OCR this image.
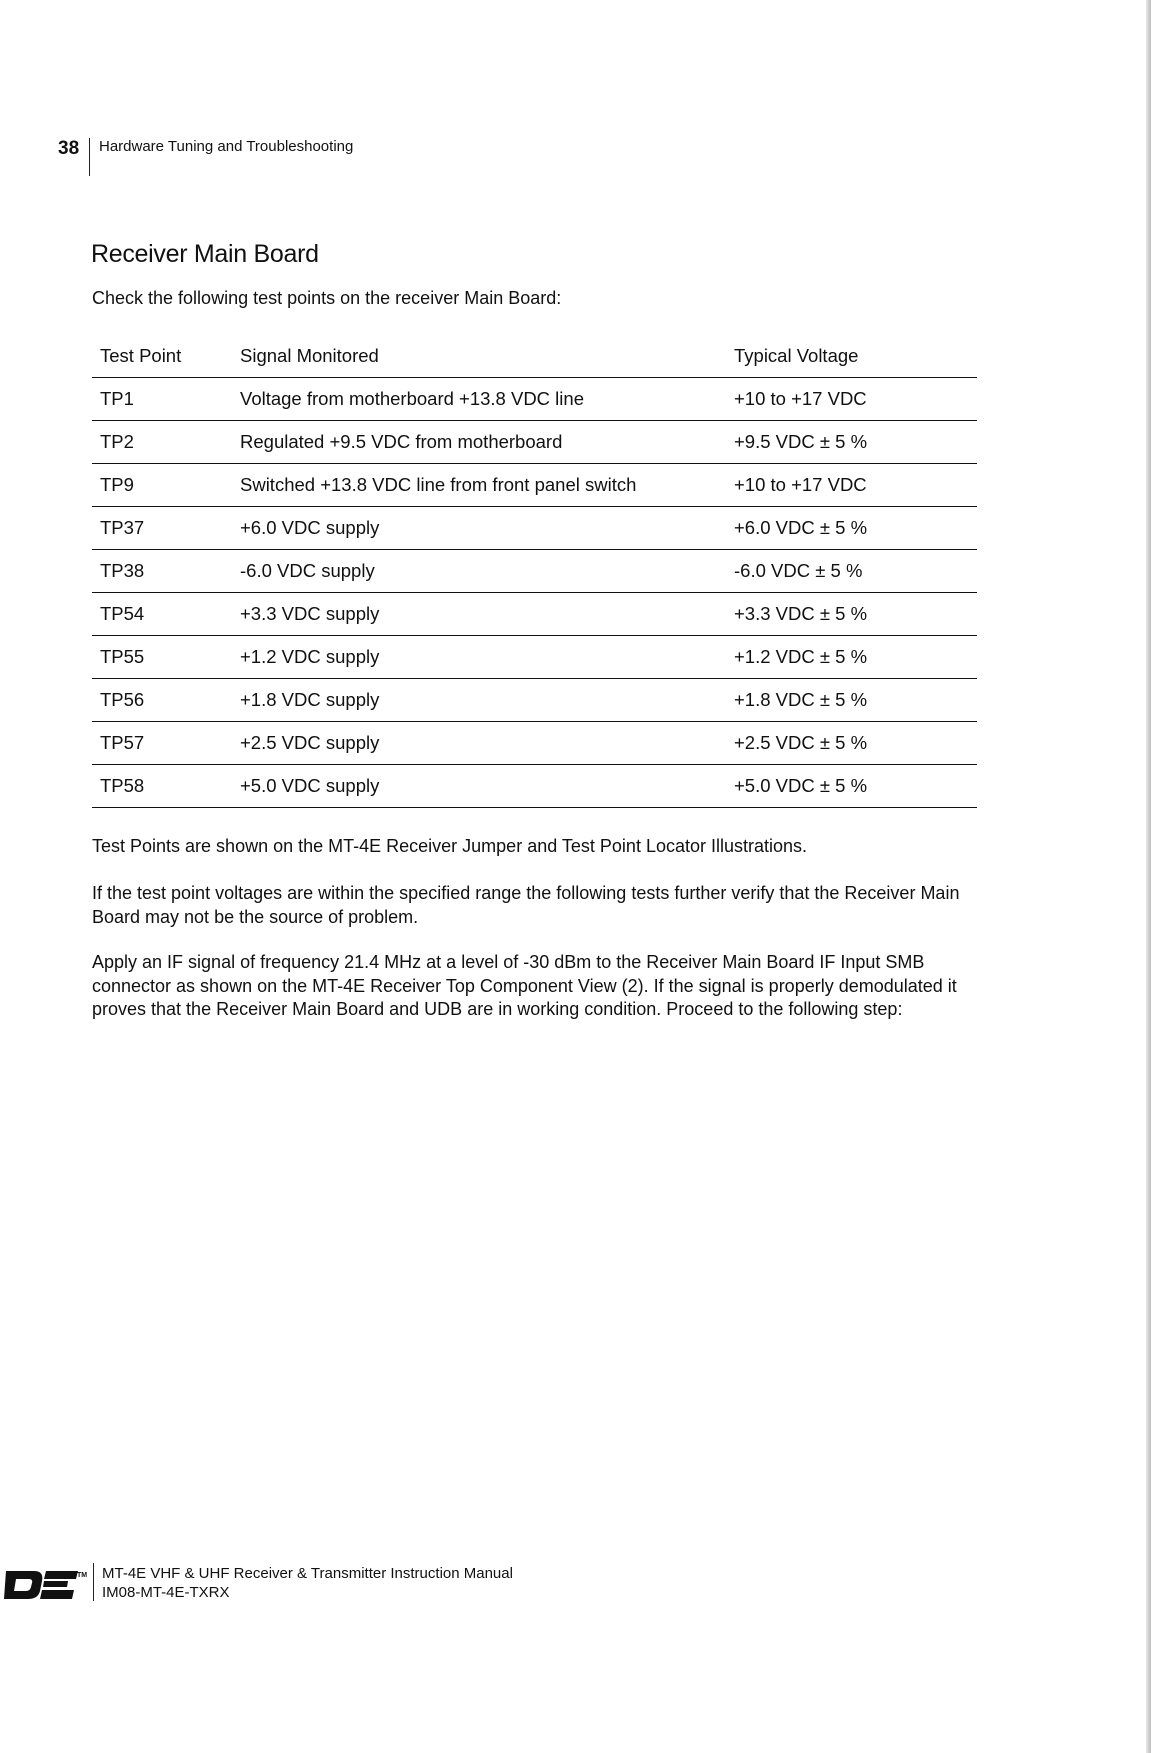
38 Hardware Tuning and Troubleshooting
Receiver Main Board
Check the following test points on the receiver Main Board:
Test Point	Signal Monitored	Typical Voltage
TP1	Voltage from motherboard +13.8 VDC line	+10 to +17 VDC
TP2	Regulated +9.5 VDC from motherboard	+9.5 VDC ± 5 %
TP9	Switched +13.8 VDC line from front panel switch	+10 to +17 VDC
TP37	+6.0 VDC supply	+6.0 VDC ± 5 %
TP38	-6.0 VDC supply	-6.0 VDC ± 5 %
TP54	+3.3 VDC supply	+3.3 VDC ± 5 %
TP55	+1.2 VDC supply	+1.2 VDC ± 5 %
TP56	+1.8 VDC supply	+1.8 VDC ± 5 %
TP57	+2.5 VDC supply	+2.5 VDC ± 5 %
TP58	+5.0 VDC supply	+5.0 VDC ± 5 %

Test Points are shown on the MT-4E Receiver Jumper and Test Point Locator Illustrations.

If the test point voltages are within the specified range the following tests further verify that the Receiver Main Board may not be the source of problem.

Apply an IF signal of frequency 21.4 MHz at a level of -30 dBm to the Receiver Main Board IF Input SMB connector as shown on the MT-4E Receiver Top Component View (2). If the signal is properly demodulated it proves that the Receiver Main Board and UDB are in working condition. Proceed to the following step:

TM MT-4E VHF & UHF Receiver & Transmitter Instruction Manual
IM08-MT-4E-TXRX
